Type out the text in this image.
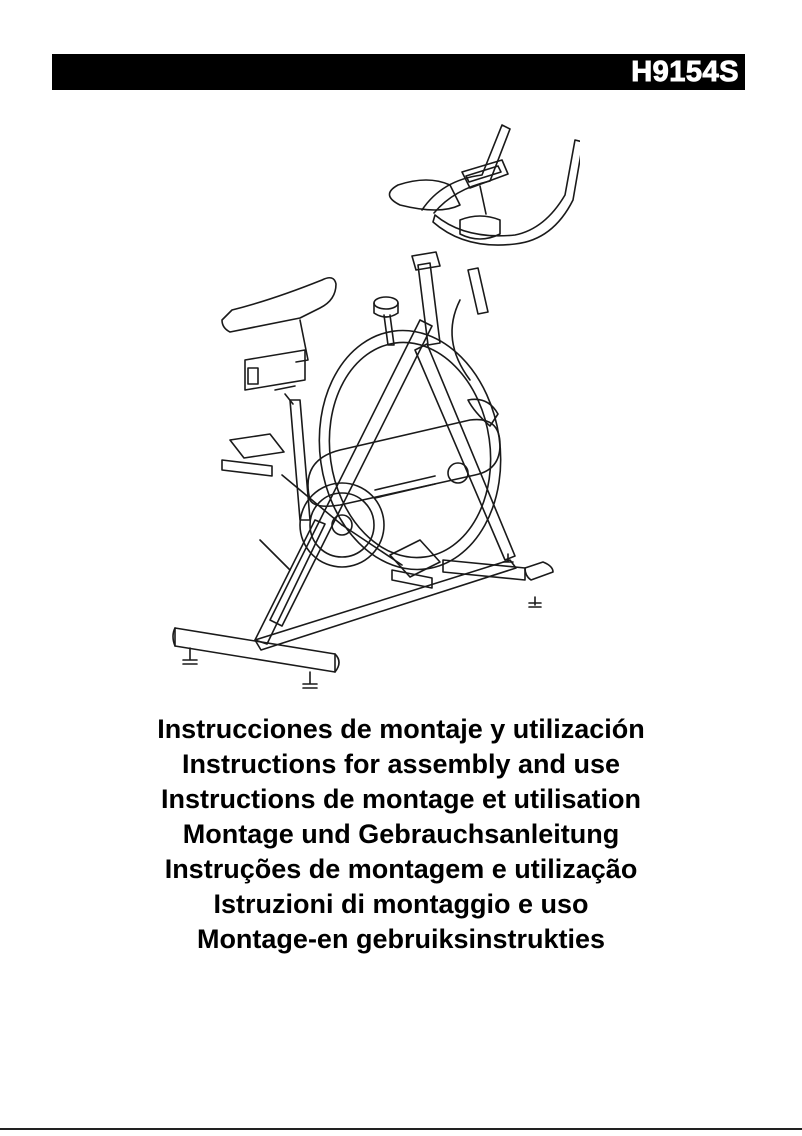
H9154S
Instrucciones de montaje y utilización
Instructions for assembly and use
Instructions de montage et utilisation
Montage und Gebrauchsanleitung
Instruções de montagem e utilização
Istruzioni di montaggio e uso
Montage-en gebruiksinstrukties
